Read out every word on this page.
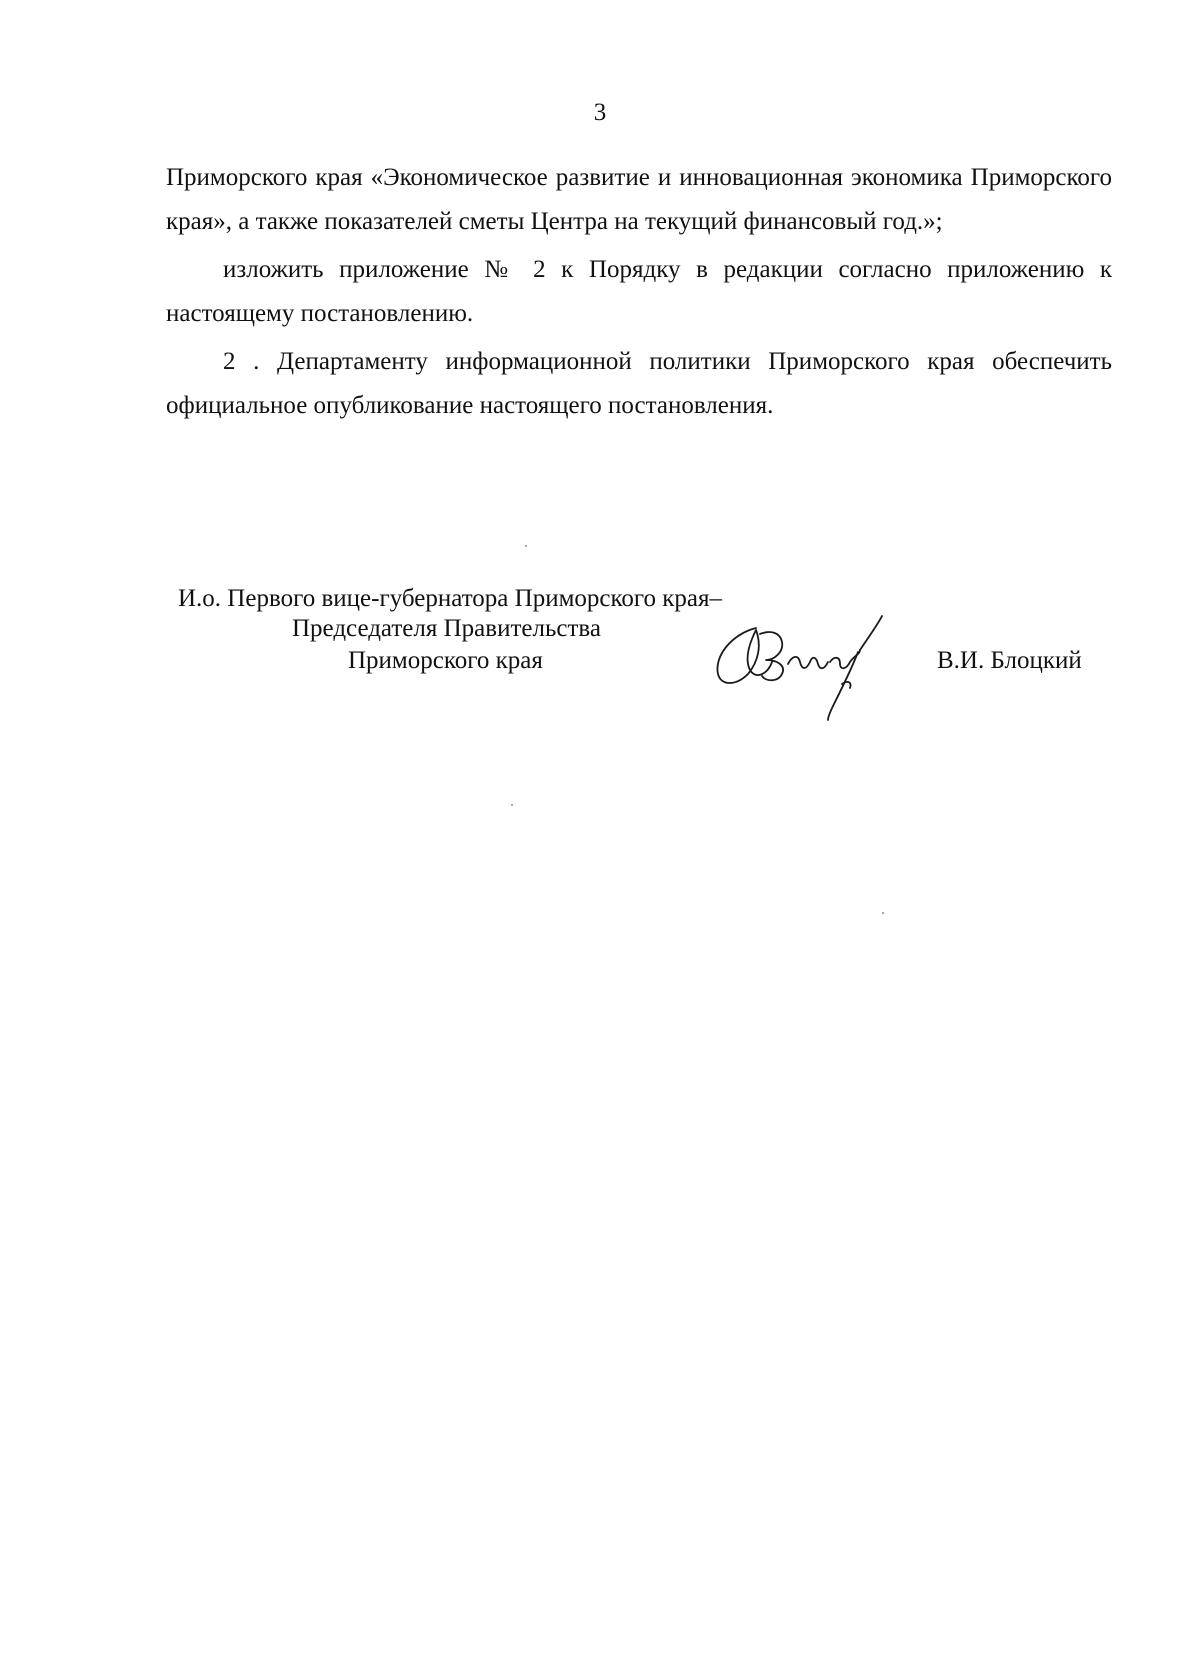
3

Приморского края «Экономическое развитие и инновационная экономика Приморского края», а также показателей сметы Центра на текущий финансовый год.»;

изложить приложение № 2 к Порядку в редакции согласно приложению к настоящему постановлению.

2 . Департаменту информационной политики Приморского края обеспечить официальное опубликование настоящего постановления.

И.о. Первого вице-губернатора Приморского края–
Председателя Правительства
Приморского края	В.И. Блоцкий
